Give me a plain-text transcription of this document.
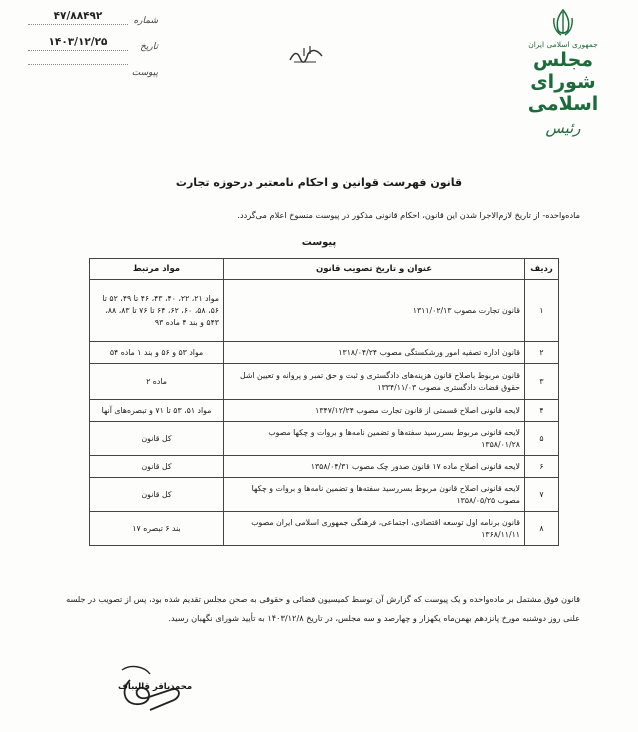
شماره
۴۷/۸۸۴۹۲
تاریخ
۱۴۰۳/۱۲/۲۵
پیوست
جمهوری اسلامی ایران
مجلس شورای اسلامی
رئیس
قانون فهرست قوانین و احکام نامعتبر درحوزه تجارت
ماده‌واحده- از تاریخ لازم‌الاجرا شدن این قانون، احکام قانونی مذکور در پیوست منسوخ اعلام می‌گردد.
پیوست
ردیف	عنوان و تاریخ تصویب قانون	مواد مرتبط
۱	قانون تجارت مصوب ۱۳۱۱/۰۲/۱۳	مواد ۲۱، ۲۲، ۴۰، ۴۳، ۴۶ تا ۴۹، ۵۲ تا ۵۶، ۵۸، ۶۰، ۶۲، ۶۴ تا ۷۶ تا ۸۳، ۸۸، ۵۴۳ و بند ۴ ماده ۹۳
۲	قانون اداره تصفیه امور ورشکستگی مصوب ۱۳۱۸/۰۴/۲۴	مواد ۵۳ و ۵۶ و بند ۱ ماده ۵۴
۳	قانون مربوط باصلاح قانون هزینه‌های دادگستری و ثبت و حق تمبر و پروانه و تعیین اشل حقوق قضات دادگستری مصوب ۱۳۳۴/۱۱/۰۳	ماده ۲
۴	لایحه قانونی اصلاح قسمتی از قانون تجارت مصوب ۱۳۴۷/۱۲/۲۴	مواد ۵۱، ۵۳ تا ۷۱ و تبصره‌های آنها
۵	لایحه قانونی مربوط بسررسید سفته‌ها و تضمین نامه‌ها و بروات و چکها مصوب ۱۳۵۸/۰۱/۲۸	کل قانون
۶	لایحه قانونی اصلاح ماده ۱۷ قانون صدور چک مصوب ۱۳۵۸/۰۴/۳۱	کل قانون
۷	لایحه قانونی اصلاح قانون مربوط بسررسید سفته‌ها و تضمین نامه‌ها و بروات و چکها مصوب ۱۳۵۸/۰۵/۲۵	کل قانون
۸	قانون برنامه اول توسعه اقتصادی، اجتماعی، فرهنگی جمهوری اسلامی ایران مصوب ۱۳۶۸/۱۱/۱۱	بند ۶ تبصره ۱۷
قانون فوق مشتمل بر ماده‌واحده و یک پیوست که گزارش آن توسط کمیسیون قضائی و حقوقی به صحن مجلس تقدیم شده بود، پس از تصویب در جلسه علنی روز دوشنبه مورخ پانزدهم بهمن‌ماه یکهزار و چهارصد و سه مجلس، در تاریخ ۱۴۰۳/۱۲/۸ به تأیید شورای نگهبان رسید.
محمدباقر قالیباف
